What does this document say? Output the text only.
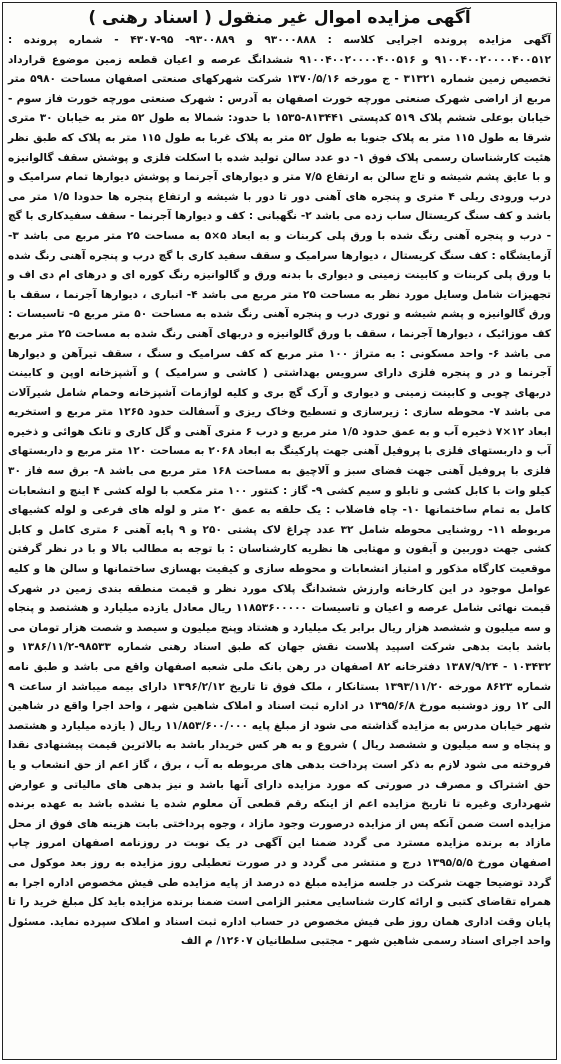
آگهی مزایده اموال غیر منقول ( اسناد رهنی )

آگهی مزایده پرونده اجرایی کلاسه : ۹۳۰۰۰۸۸۸ و ۹۳۰۰۸۸۹- ۹۵-۴۳۰۷ - شماره پرونده : ۹۱۰۰۴۰۰۲۰۰۰۰۴۰۰۵۱۲ و ۹۱۰۰۴۰۰۲۰۰۰۰۴۰۰۵۱۶ ششدانگ عرصه و اعیان قطعه زمین موضوع قرارداد تخصیص زمین شماره ۳۱۳۲۱ - ج مورخه ۱۳۷۰/۵/۱۶ شرکت شهرکهای صنعتی اصفهان مساحت ۵۹۸۰ متر مربع از اراضی شهرک صنعتی مورچه خورت اصفهان به آدرس : شهرک صنعتی مورچه خورت فاز سوم - خیابان بوعلی ششم پلاک ۵۱۹ کدپستی ۸۱۳۴۴۱-۱۵۳۵ با حدود: شمالا به طول ۵۲ متر به خیابان ۳۰ متری شرقا به طول ۱۱۵ متر به پلاک جنوبا به طول ۵۲ متر به پلاک غربا به طول ۱۱۵ متر به پلاک که طبق نظر هئیت کارشناسان رسمی پلاک فوق ۱- دو عدد سالن تولید شده با اسکلت فلزی و پوشش سقف گالوانیزه و با عایق پشم شیشه و تاج سالن به ارتفاع ۷/۵ متر و دیوارهای آجرنما و پوشش دیوارها تمام سرامیک و درب ورودی ریلی ۴ متری و پنجره های آهنی دور تا دور با شیشه و ارتفاع پنجره ها حدودا ۱/۵ متر می باشد و کف سنگ کریستال ساب زده می باشد ۲- نگهبانی : کف و دیوارها آجرنما - سقف سفیدکاری با گچ - درب و پنجره آهنی رنگ شده با ورق پلی کربنات و به ابعاد ۵×۵ به مساحت ۲۵ متر مربع می باشد ۳- آزمایشگاه : کف سنگ کریستال ، دیوارها سرامیک و سقف سفید کاری با گچ درب و پنجره آهنی رنگ شده با ورق پلی کربنات و کابینت زمینی و دیواری با بدنه ورق و گالوانیزه رنگ کوره ای و درهای ام دی اف و تجهیزات شامل وسایل مورد نظر به مساحت ۲۵ متر مربع می باشد ۴- انباری ، دیوارها آجرنما ، سقف با ورق گالوانیزه و پشم شیشه و توری درب و پنجره آهنی رنگ شده به مساحت ۵۰ متر مربع ۵- تاسیسات : کف موزائیک ، دیوارها آجرنما ، سقف با ورق گالوانیزه و دربهای آهنی رنگ شده به مساحت ۲۵ متر مربع می باشد ۶- واحد مسکونی : به متراژ ۱۰۰ متر مربع که کف سرامیک و سنگ ، سقف تیرآهن و دیوارها آجرنما و در و پنجره فلزی دارای سرویس بهداشتی ( کاشی و سرامیک ) و آشپزخانه اوپن و کابینت دربهای چوبی و کابینت زمینی و دیواری و آرک گچ بری و کلیه لوازمات آشپزخانه وحمام شامل شیرآلات می باشد ۷- محوطه سازی : زیرسازی و تسطیح وخاک ریزی و آسفالت حدود ۱۲۶۵ متر مربع و استخریه ابعاد ۱۲×۷ ذخیره آب و به عمق حدود ۱/۵ متر مربع و درب ۶ متری آهنی و گل کاری و تانک هوائی و ذخیره آب و داربستهای فلزی با پروفیل آهنی جهت پارکینگ به ابعاد ۲۰۶۸ به مساحت ۱۲۰ متر مربع و داربستهای فلزی با پروفیل آهنی جهت فضای سبز و آلاچیق به مساحت ۱۶۸ متر مربع می باشد ۸- برق سه فاز ۳۰ کیلو وات با کابل کشی و تابلو و سیم کشی ۹- گاز : کنتور ۱۰۰ متر مکعب با لوله کشی ۴ اینچ و انشعابات کامل به تمام ساختمانها ۱۰- چاه فاضلاب : یک حلقه به عمق ۲۰ متر و لوله های فرعی و لوله کشیهای مربوطه ۱۱- روشنایی محوطه شامل ۳۲ عدد چراغ لاک پشتی ۲۵۰ و ۹ پایه آهنی ۶ متری کامل و کابل کشی جهت دوربین و آیفون و مهتابی ها نظریه کارشناسان : با توجه به مطالب بالا و با در نظر گرفتن موقعیت کارگاه مذکور و امتیاز انشعابات و محوطه سازی و کیفیت بهسازی ساختمانها و سالن ها و کلیه عوامل موجود در این کارخانه وارزش ششدانگ پلاک مورد نظر و قیمت منطقه بندی زمین در شهرک قیمت نهائی شامل عرصه و اعیان و تاسیسات ۱۱۸۵۳۶۰۰۰۰۰ ریال معادل یازده میلیارد و هشتصد و پنجاه و سه میلیون و ششصد هزار ریال برابر یک میلیارد و هشتاد وپنج میلیون و سیصد و شصت هزار تومان می باشد بابت بدهی شرکت اسپید پلاست نقش جهان که طبق اسناد رهنی شماره ۹۸۵۳۳-۱۳۸۶/۱۱/۲ و ۱۰۳۴۳۲ - ۱۳۸۷/۹/۲۴ دفترخانه ۸۲ اصفهان در رهن بانک ملی شعبه اصفهان واقع می باشد و طبق نامه شماره ۸۶۲۳ مورخه ۱۳۹۳/۱۱/۲۰ بستانکار ، ملک فوق تا تاریخ ۱۳۹۶/۲/۱۲ دارای بیمه میباشد از ساعت ۹ الی ۱۲ روز دوشنبه مورخ ۱۳۹۵/۶/۸ در اداره ثبت اسناد و املاک شاهین شهر ، واحد اجرا واقع در شاهین شهر خیابان مدرس به مزایده گذاشته می شود از مبلغ پایه ۱۱/۸۵۳/۶۰۰/۰۰۰ ریال ( یازده میلیارد و هشتصد و پنجاه و سه میلیون و ششصد ریال ) شروع و به هر کس خریدار باشد به بالاترین قیمت پیشنهادی نقدا فروخته می شود لازم به ذکر است پرداخت بدهی های مربوطه به آب ، برق ، گاز اعم از حق انشعاب و یا حق اشتراک و مصرف در صورتی که مورد مزایده دارای آنها باشد و نیز بدهی های مالیاتی و عوارض شهرداری وغیره تا تاریخ مزایده اعم از اینکه رقم قطعی آن معلوم شده یا نشده باشد به عهده برنده مزایده است ضمن آنکه پس از مزایده درصورت وجود مازاد ، وجوه پرداختی بابت هزینه های فوق از محل مازاد به برنده مزایده مسترد می گردد ضمنا این آگهی در یک نوبت در روزنامه اصفهان امروز چاپ اصفهان مورخ ۱۳۹۵/۵/۵ درج و منتشر می گردد و در صورت تعطیلی روز مزایده به روز بعد موکول می گردد توضیحا جهت شرکت در جلسه مزایده مبلغ ده درصد از پایه مزایده طی فیش مخصوص اداره اجرا به همراه تقاضای کتبی و ارائه کارت شناسایی معتبر الزامی است ضمنا برنده مزایده باید کل مبلغ خرید را تا پایان وقت اداری همان روز طی فیش مخصوص در حساب اداره ثبت اسناد و املاک سپرده نماید. مسئول واحد اجرای اسناد رسمی شاهین شهر - مجتبی سلطانیان ۱۲۶۰۷/ م الف
